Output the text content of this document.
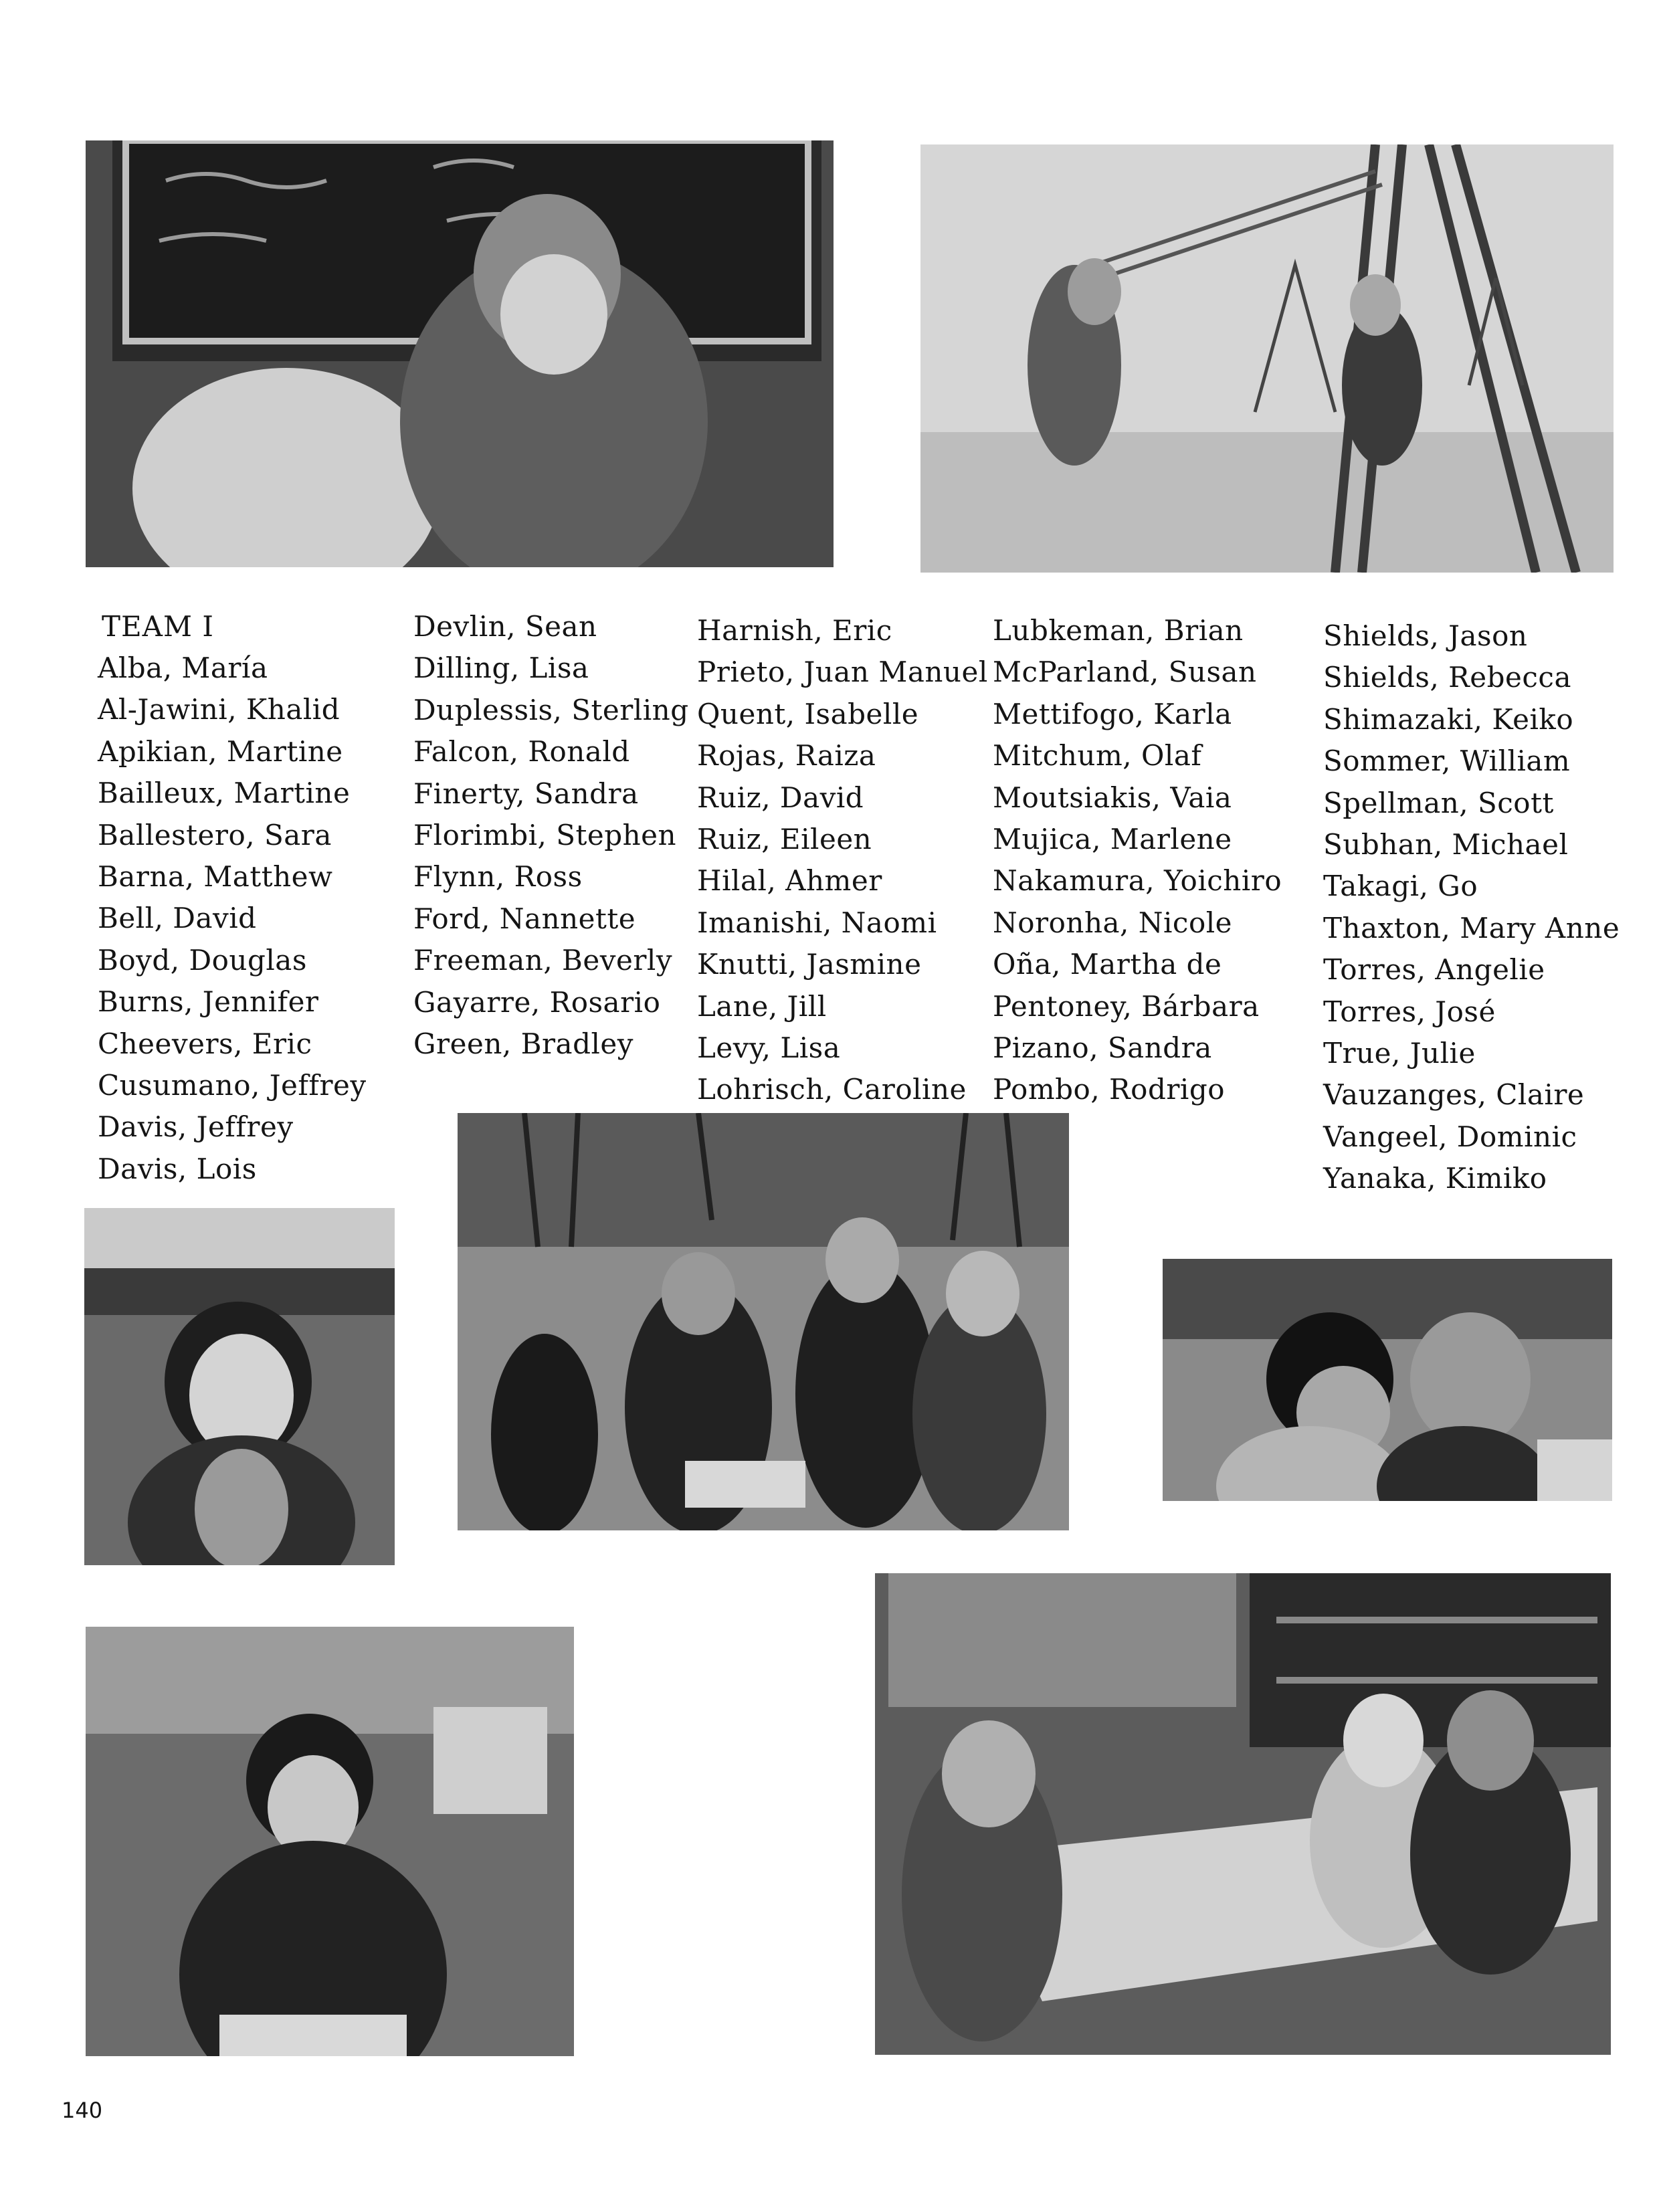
TEAM I
Alba, María
Al-Jawini, Khalid
Apikian, Martine
Bailleux, Martine
Ballestero, Sara
Barna, Matthew
Bell, David
Boyd, Douglas
Burns, Jennifer
Cheevers, Eric
Cusumano, Jeffrey
Davis, Jeffrey
Davis, Lois
Devlin, Sean
Dilling, Lisa
Duplessis, Sterling
Falcon, Ronald
Finerty, Sandra
Florimbi, Stephen
Flynn, Ross
Ford, Nannette
Freeman, Beverly
Gayarre, Rosario
Green, Bradley
Harnish, Eric
Prieto, Juan Manuel
Quent, Isabelle
Rojas, Raiza
Ruiz, David
Ruiz, Eileen
Hilal, Ahmer
Imanishi, Naomi
Knutti, Jasmine
Lane, Jill
Levy, Lisa
Lohrisch, Caroline
Lubkeman, Brian
McParland, Susan
Mettifogo, Karla
Mitchum, Olaf
Moutsiakis, Vaia
Mujica, Marlene
Nakamura, Yoichiro
Noronha, Nicole
Oña, Martha de
Pentoney, Bárbara
Pizano, Sandra
Pombo, Rodrigo
Shields, Jason
Shields, Rebecca
Shimazaki, Keiko
Sommer, William
Spellman, Scott
Subhan, Michael
Takagi, Go
Thaxton, Mary Anne
Torres, Angelie
Torres, José
True, Julie
Vauzanges, Claire
Vangeel, Dominic
Yanaka, Kimiko
140
